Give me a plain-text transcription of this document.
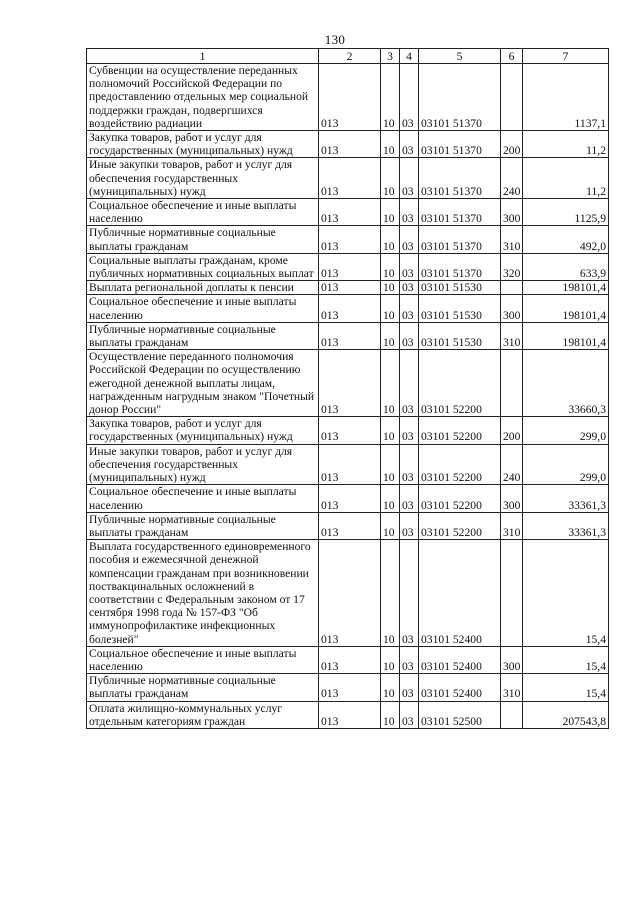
130
1	2	3	4	5	6	7
Субвенции на осуществление переданных полномочий Российской Федерации по предоставлению отдельных мер социальной поддержки граждан, подвергшихся воздействию радиации	013	10	03	03101 51370		1137,1
Закупка товаров, работ и услуг для государственных (муниципальных) нужд	013	10	03	03101 51370	200	11,2
Иные закупки товаров, работ и услуг для обеспечения государственных (муниципальных) нужд	013	10	03	03101 51370	240	11,2
Социальное обеспечение и иные выплаты населению	013	10	03	03101 51370	300	1125,9
Публичные нормативные социальные выплаты гражданам	013	10	03	03101 51370	310	492,0
Социальные выплаты гражданам, кроме публичных нормативных социальных выплат	013	10	03	03101 51370	320	633,9
Выплата региональной доплаты к пенсии	013	10	03	03101 51530		198101,4
Социальное обеспечение и иные выплаты населению	013	10	03	03101 51530	300	198101,4
Публичные нормативные социальные выплаты гражданам	013	10	03	03101 51530	310	198101,4
Осуществление переданного полномочия Российской Федерации по осуществлению ежегодной денежной выплаты лицам, награжденным нагрудным знаком "Почетный донор России"	013	10	03	03101 52200		33660,3
Закупка товаров, работ и услуг для государственных (муниципальных) нужд	013	10	03	03101 52200	200	299,0
Иные закупки товаров, работ и услуг для обеспечения государственных (муниципальных) нужд	013	10	03	03101 52200	240	299,0
Социальное обеспечение и иные выплаты населению	013	10	03	03101 52200	300	33361,3
Публичные нормативные социальные выплаты гражданам	013	10	03	03101 52200	310	33361,3
Выплата государственного единовременного пособия и ежемесячной денежной компенсации гражданам при возникновении поствакцинальных осложнений в соответствии с Федеральным законом от 17 сентября 1998 года № 157-ФЗ "Об иммунопрофилактике инфекционных болезней"	013	10	03	03101 52400		15,4
Социальное обеспечение и иные выплаты населению	013	10	03	03101 52400	300	15,4
Публичные нормативные социальные выплаты гражданам	013	10	03	03101 52400	310	15,4
Оплата жилищно-коммунальных услуг отдельным категориям граждан	013	10	03	03101 52500		207543,8
